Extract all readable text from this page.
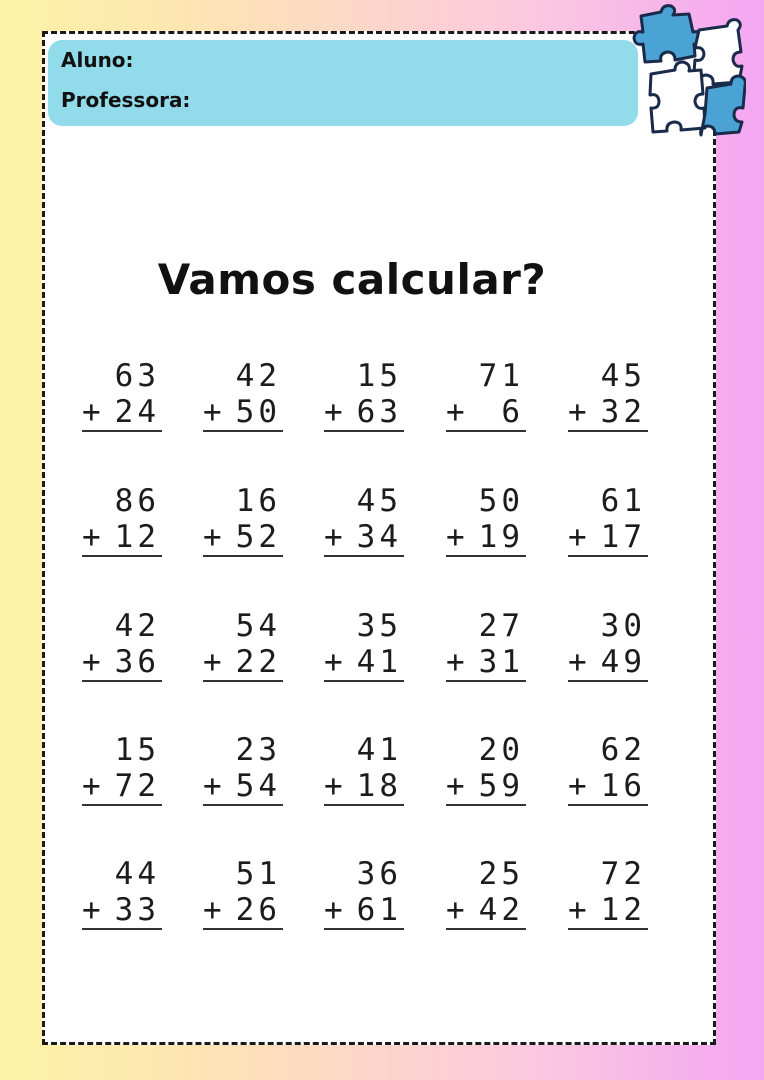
Aluno:
Professora:
Vamos calcular?
63
+ 24
42
+ 50
15
+ 63
71
+ 6
45
+ 32
86
+ 12
16
+ 52
45
+ 34
50
+ 19
61
+ 17
42
+ 36
54
+ 22
35
+ 41
27
+ 31
30
+ 49
15
+ 72
23
+ 54
41
+ 18
20
+ 59
62
+ 16
44
+ 33
51
+ 26
36
+ 61
25
+ 42
72
+ 12
